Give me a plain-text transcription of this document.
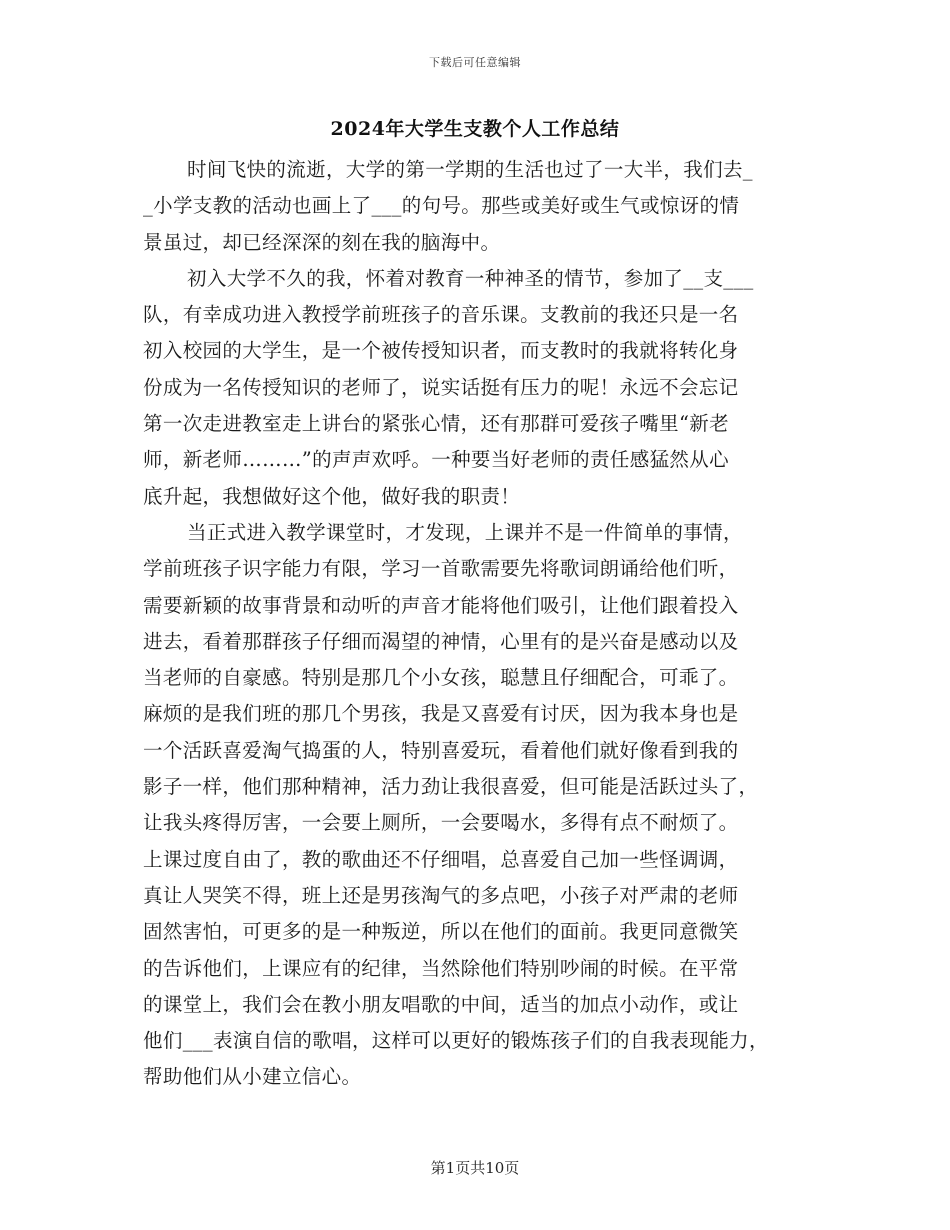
下载后可任意编辑
2024年大学生支教个人工作总结
时间飞快的流逝，大学的第一学期的生活也过了一大半，我们去_
_小学支教的活动也画上了___的句号。那些或美好或生气或惊讶的情
景虽过，却已经深深的刻在我的脑海中。
初入大学不久的我，怀着对教育一种神圣的情节，参加了__支___
队，有幸成功进入教授学前班孩子的音乐课。支教前的我还只是一名
初入校园的大学生，是一个被传授知识者，而支教时的我就将转化身
份成为一名传授知识的老师了，说实话挺有压力的呢！永远不会忘记
第一次走进教室走上讲台的紧张心情，还有那群可爱孩子嘴里“新老
师，新老师………”的声声欢呼。一种要当好老师的责任感猛然从心
底升起，我想做好这个他，做好我的职责！
当正式进入教学课堂时，才发现，上课并不是一件简单的事情，
学前班孩子识字能力有限，学习一首歌需要先将歌词朗诵给他们听，
需要新颖的故事背景和动听的声音才能将他们吸引，让他们跟着投入
进去，看着那群孩子仔细而渴望的神情，心里有的是兴奋是感动以及
当老师的自豪感。特别是那几个小女孩，聪慧且仔细配合，可乖了。
麻烦的是我们班的那几个男孩，我是又喜爱有讨厌，因为我本身也是
一个活跃喜爱淘气捣蛋的人，特别喜爱玩，看着他们就好像看到我的
影子一样，他们那种精神，活力劲让我很喜爱，但可能是活跃过头了，
让我头疼得厉害，一会要上厕所，一会要喝水，多得有点不耐烦了。
上课过度自由了，教的歌曲还不仔细唱，总喜爱自己加一些怪调调，
真让人哭笑不得，班上还是男孩淘气的多点吧，小孩子对严肃的老师
固然害怕，可更多的是一种叛逆，所以在他们的面前。我更同意微笑
的告诉他们，上课应有的纪律，当然除他们特别吵闹的时候。在平常
的课堂上，我们会在教小朋友唱歌的中间，适当的加点小动作，或让
他们___表演自信的歌唱，这样可以更好的锻炼孩子们的自我表现能力，
帮助他们从小建立信心。
第1页共10页
